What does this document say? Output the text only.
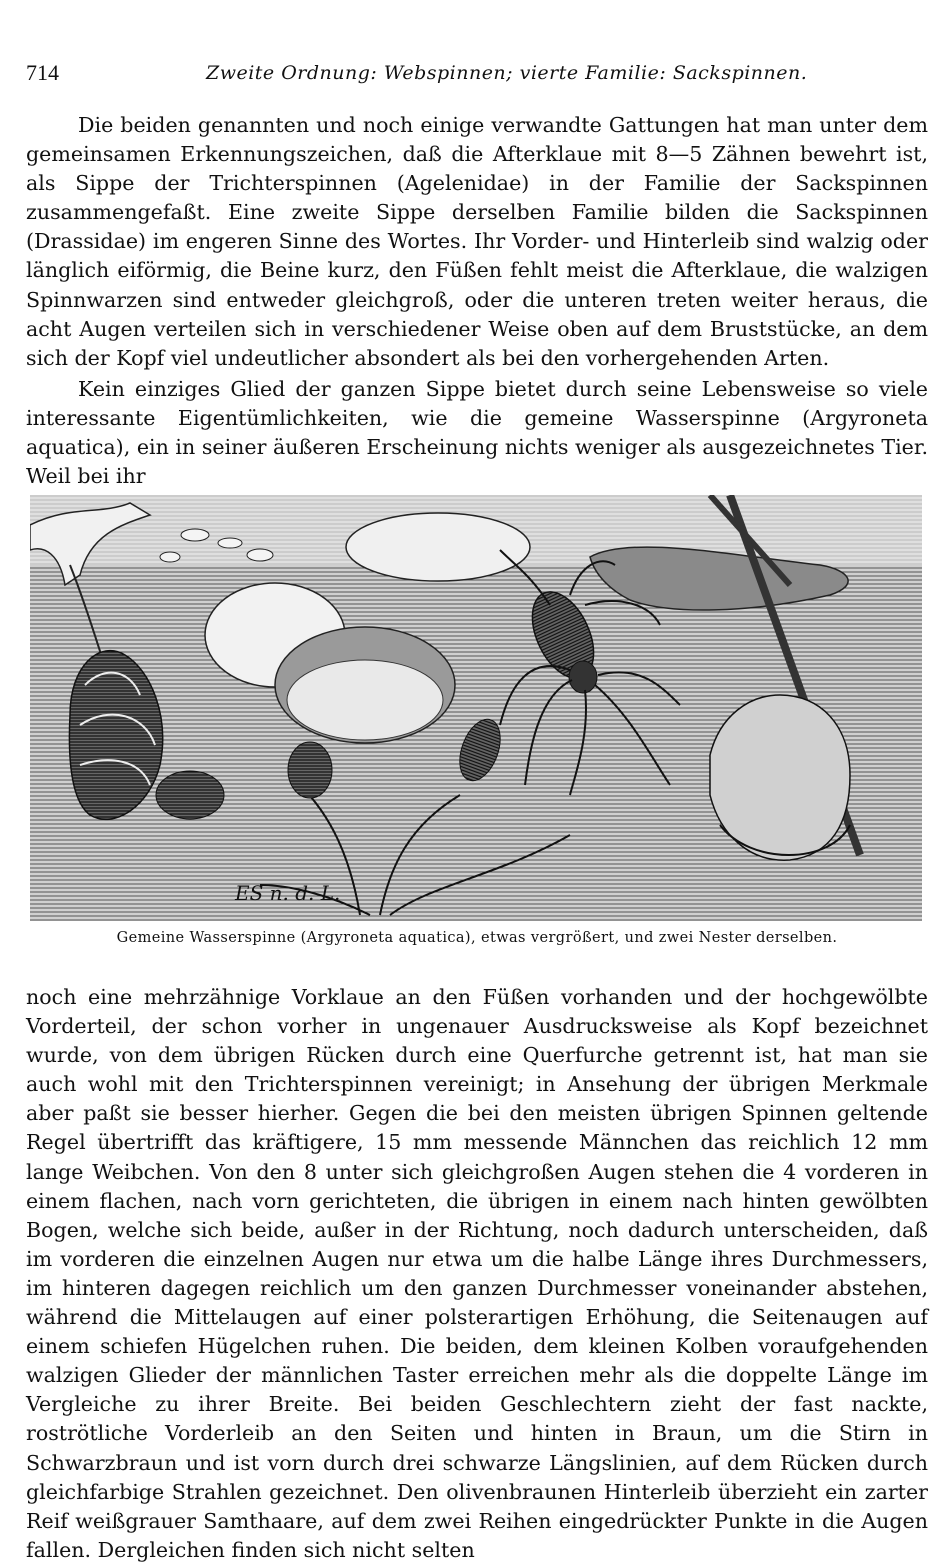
714	Zweite Ordnung: Webspinnen; vierte Familie: Sackspinnen.

Die beiden genannten und noch einige verwandte Gattungen hat man unter dem gemeinsamen Erkennungszeichen, daß die Afterklaue mit 8—5 Zähnen bewehrt ist, als Sippe der Trichterspinnen (Agelenidae) in der Familie der Sackspinnen zusammengefaßt. Eine zweite Sippe derselben Familie bilden die Sackspinnen (Drassidae) im engeren Sinne des Wortes. Ihr Vorder- und Hinterleib sind walzig oder länglich eiförmig, die Beine kurz, den Füßen fehlt meist die Afterklaue, die walzigen Spinnwarzen sind entweder gleichgroß, oder die unteren treten weiter heraus, die acht Augen verteilen sich in verschiedener Weise oben auf dem Bruststücke, an dem sich der Kopf viel undeutlicher absondert als bei den vorhergehenden Arten.

Kein einziges Glied der ganzen Sippe bietet durch seine Lebensweise so viele interessante Eigentümlichkeiten, wie die gemeine Wasserspinne (Argyroneta aquatica), ein in seiner äußeren Erscheinung nichts weniger als ausgezeichnetes Tier. Weil bei ihr

ES n. d. L.
Gemeine Wasserspinne (Argyroneta aquatica), etwas vergrößert, und zwei Nester derselben.

noch eine mehrzähnige Vorklaue an den Füßen vorhanden und der hochgewölbte Vorderteil, der schon vorher in ungenauer Ausdrucksweise als Kopf bezeichnet wurde, von dem übrigen Rücken durch eine Querfurche getrennt ist, hat man sie auch wohl mit den Trichterspinnen vereinigt; in Ansehung der übrigen Merkmale aber paßt sie besser hierher. Gegen die bei den meisten übrigen Spinnen geltende Regel übertrifft das kräftigere, 15 mm messende Männchen das reichlich 12 mm lange Weibchen. Von den 8 unter sich gleichgroßen Augen stehen die 4 vorderen in einem flachen, nach vorn gerichteten, die übrigen in einem nach hinten gewölbten Bogen, welche sich beide, außer in der Richtung, noch dadurch unterscheiden, daß im vorderen die einzelnen Augen nur etwa um die halbe Länge ihres Durchmessers, im hinteren dagegen reichlich um den ganzen Durchmesser voneinander abstehen, während die Mittelaugen auf einer polsterartigen Erhöhung, die Seitenaugen auf einem schiefen Hügelchen ruhen. Die beiden, dem kleinen Kolben voraufgehenden walzigen Glieder der männlichen Taster erreichen mehr als die doppelte Länge im Vergleiche zu ihrer Breite. Bei beiden Geschlechtern zieht der fast nackte, roströtliche Vorderleib an den Seiten und hinten in Braun, um die Stirn in Schwarzbraun und ist vorn durch drei schwarze Längslinien, auf dem Rücken durch gleichfarbige Strahlen gezeichnet. Den olivenbraunen Hinterleib überzieht ein zarter Reif weißgrauer Samthaare, auf dem zwei Reihen eingedrückter Punkte in die Augen fallen. Dergleichen finden sich nicht selten
